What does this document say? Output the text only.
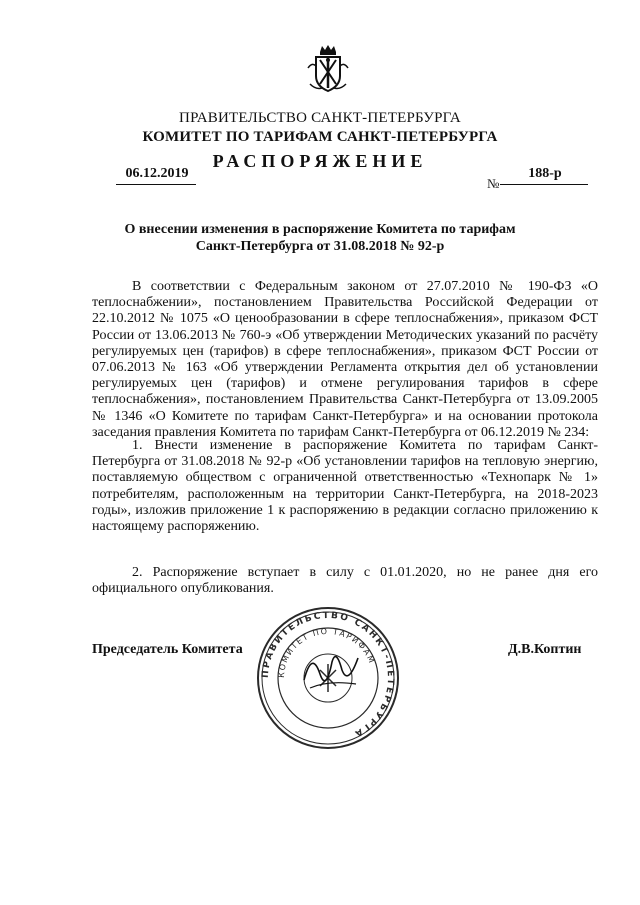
ПРАВИТЕЛЬСТВО САНКТ-ПЕТЕРБУРГА
КОМИТЕТ ПО ТАРИФАМ САНКТ-ПЕТЕРБУРГА
РАСПОРЯЖЕНИЕ
06.12.2019
№
188-р
О внесении изменения в распоряжение Комитета по тарифам
Санкт-Петербурга от 31.08.2018 № 92-р
В соответствии с Федеральным законом от 27.07.2010 № 190-ФЗ «О теплоснабжении», постановлением Правительства Российской Федерации от 22.10.2012 № 1075 «О ценообразовании в сфере теплоснабжения», приказом ФСТ России от 13.06.2013 № 760-э «Об утверждении Методических указаний по расчёту регулируемых цен (тарифов) в сфере теплоснабжения», приказом ФСТ России от 07.06.2013 № 163 «Об утверждении Регламента открытия дел об установлении регулируемых цен (тарифов) и отмене регулирования тарифов в сфере теплоснабжения», постановлением Правительства Санкт-Петербурга от 13.09.2005 № 1346 «О Комитете по тарифам Санкт-Петербурга» и на основании протокола заседания правления Комитета по тарифам Санкт-Петербурга от 06.12.2019 № 234:
1. Внести изменение в распоряжение Комитета по тарифам Санкт-Петербурга от 31.08.2018 № 92-р «Об установлении тарифов на тепловую энергию, поставляемую обществом с ограниченной ответственностью «Технопарк № 1» потребителям, расположенным на территории Санкт-Петербурга, на 2018-2023 годы», изложив приложение 1 к распоряжению в редакции согласно приложению к настоящему распоряжению.
2. Распоряжение вступает в силу с 01.01.2020, но не ранее дня его официального опубликования.
Председатель Комитета	Д.В.Коптин
ПРАВИТЕЛЬСТВО САНКТ-ПЕТЕРБУРГА
КОМИТЕТ ПО ТАРИФАМ
